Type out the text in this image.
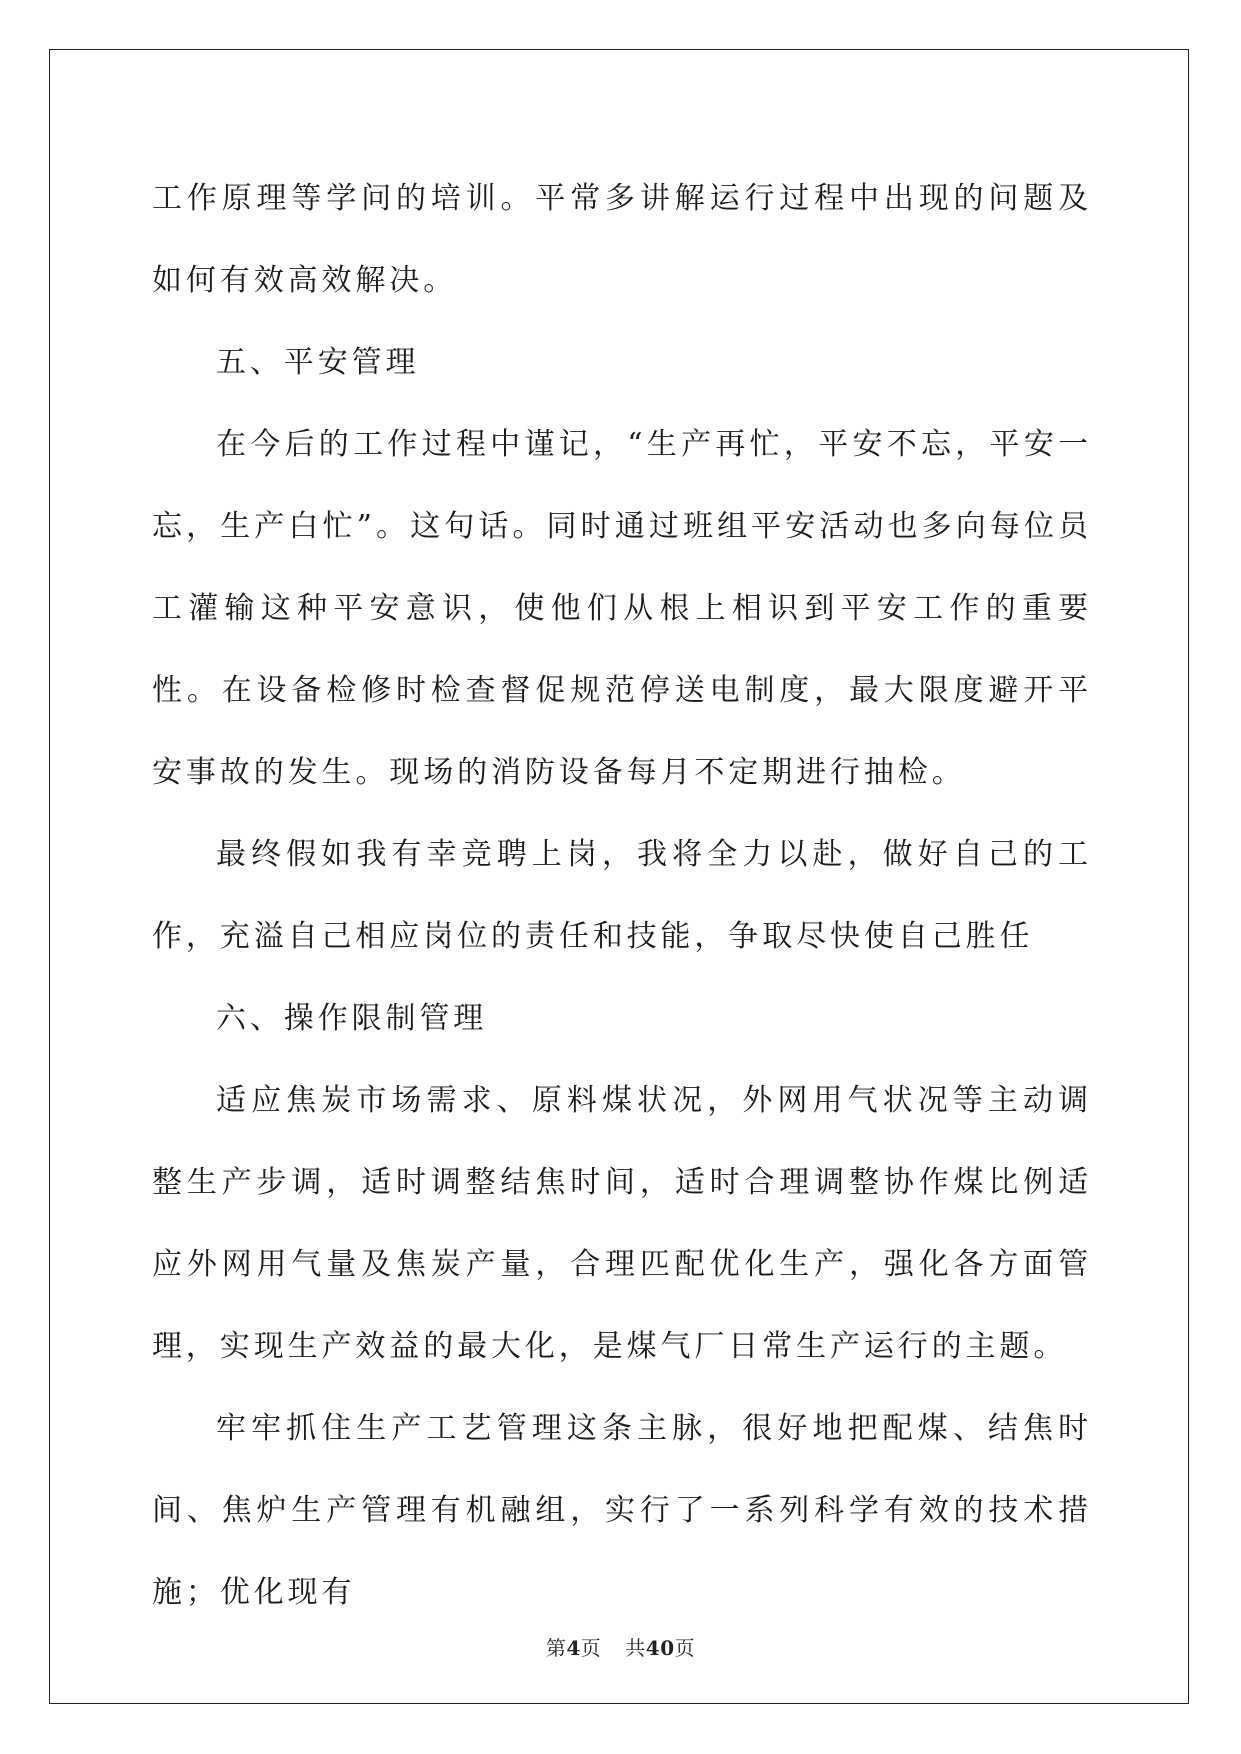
工作原理等学问的培训。平常多讲解运行过程中出现的问题及如何有效高效解决。

五、平安管理

在今后的工作过程中谨记，“生产再忙，平安不忘，平安一忘，生产白忙”。这句话。同时通过班组平安活动也多向每位员工灌输这种平安意识，使他们从根上相识到平安工作的重要性。在设备检修时检查督促规范停送电制度，最大限度避开平安事故的发生。现场的消防设备每月不定期进行抽检。

最终假如我有幸竞聘上岗，我将全力以赴，做好自己的工作，充溢自己相应岗位的责任和技能，争取尽快使自己胜任

六、操作限制管理

适应焦炭市场需求、原料煤状况，外网用气状况等主动调整生产步调，适时调整结焦时间，适时合理调整协作煤比例适应外网用气量及焦炭产量，合理匹配优化生产，强化各方面管理，实现生产效益的最大化，是煤气厂日常生产运行的主题。

牢牢抓住生产工艺管理这条主脉，很好地把配煤、结焦时间、焦炉生产管理有机融组，实行了一系列科学有效的技术措施；优化现有

第4页 共40页
